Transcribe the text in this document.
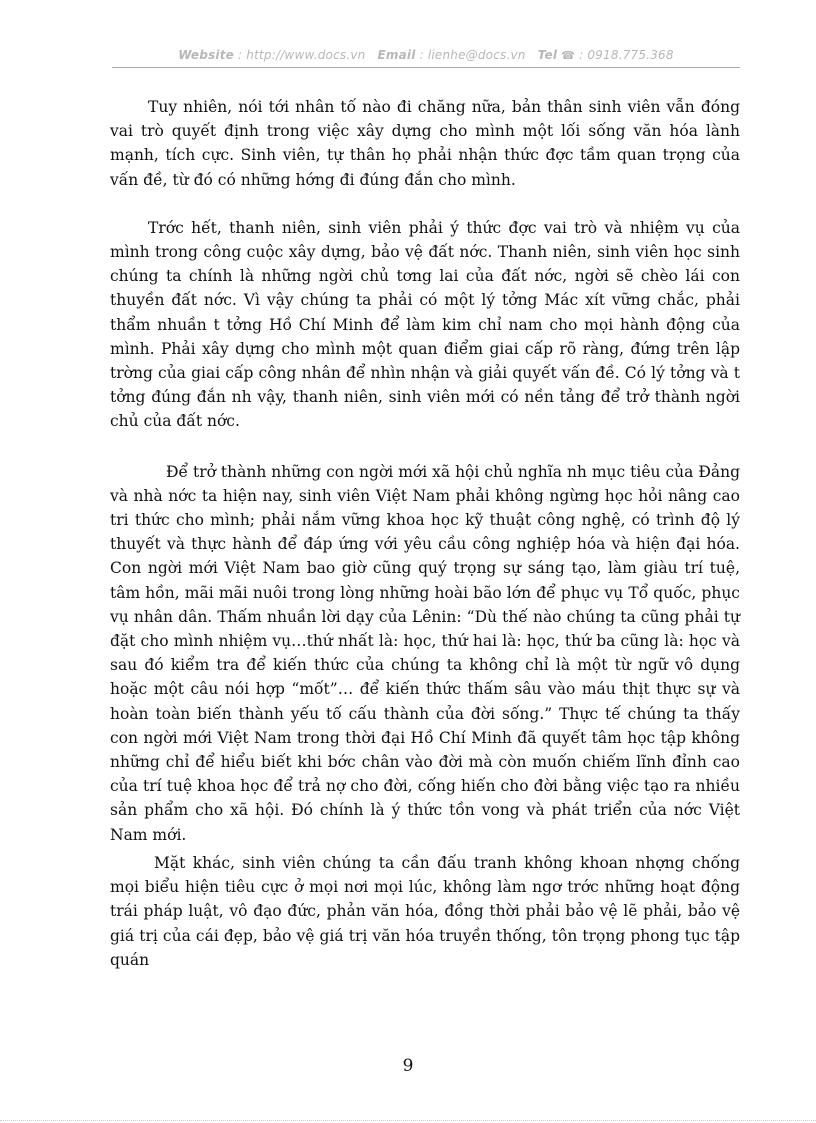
Website : http://www.docs.vn Email : lienhe@docs.vn Tel ☎ : 0918.775.368

Tuy nhiên, nói tới nhân tố nào đi chăng nữa, bản thân sinh viên vẫn đóng vai trò quyết định trong việc xây dựng cho mình một lối sống văn hóa lành mạnh, tích cực. Sinh viên, tự thân họ phải nhận thức đợc tầm quan trọng của vấn đề, từ đó có những hớng đi đúng đắn cho mình.

Trớc hết, thanh niên, sinh viên phải ý thức đợc vai trò và nhiệm vụ của mình trong công cuộc xây dựng, bảo vệ đất nớc. Thanh niên, sinh viên học sinh chúng ta chính là những ngời chủ tơng lai của đất nớc, ngời sẽ chèo lái con thuyền đất nớc. Vì vậy chúng ta phải có một lý tởng Mác xít vững chắc, phải thẩm nhuần t tởng Hồ Chí Minh để làm kim chỉ nam cho mọi hành động của mình. Phải xây dựng cho mình một quan điểm giai cấp rõ ràng, đứng trên lập trờng của giai cấp công nhân để nhìn nhận và giải quyết vấn đề. Có lý tởng và t tởng đúng đắn nh vậy, thanh niên, sinh viên mới có nền tảng để trở thành ngời chủ của đất nớc.

Để trở thành những con ngời mới xã hội chủ nghĩa nh mục tiêu của Đảng và nhà nớc ta hiện nay, sinh viên Việt Nam phải không ngừng học hỏi nâng cao tri thức cho mình; phải nắm vững khoa học kỹ thuật công nghệ, có trình độ lý thuyết và thực hành để đáp ứng với yêu cầu công nghiệp hóa và hiện đại hóa. Con ngời mới Việt Nam bao giờ cũng quý trọng sự sáng tạo, làm giàu trí tuệ, tâm hồn, mãi mãi nuôi trong lòng những hoài bão lớn để phục vụ Tổ quốc, phục vụ nhân dân. Thấm nhuần lời dạy của Lênin: “Dù thế nào chúng ta cũng phải tự đặt cho mình nhiệm vụ…thứ nhất là: học, thứ hai là: học, thứ ba cũng là: học và sau đó kiểm tra để kiến thức của chúng ta không chỉ là một từ ngữ vô dụng hoặc một câu nói hợp “mốt”… để kiến thức thấm sâu vào máu thịt thực sự và hoàn toàn biến thành yếu tố cấu thành của đời sống.” Thực tế chúng ta thấy con ngời mới Việt Nam trong thời đại Hồ Chí Minh đã quyết tâm học tập không những chỉ để hiểu biết khi bớc chân vào đời mà còn muốn chiếm lĩnh đỉnh cao của trí tuệ khoa học để trả nợ cho đời, cống hiến cho đời bằng việc tạo ra nhiều sản phẩm cho xã hội. Đó chính là ý thức tồn vong và phát triển của nớc Việt Nam mới.

Mặt khác, sinh viên chúng ta cần đấu tranh không khoan nhợng chống mọi biểu hiện tiêu cực ở mọi nơi mọi lúc, không làm ngơ trớc những hoạt động trái pháp luật, vô đạo đức, phản văn hóa, đồng thời phải bảo vệ lẽ phải, bảo vệ giá trị của cái đẹp, bảo vệ giá trị văn hóa truyền thống, tôn trọng phong tục tập quán

9
